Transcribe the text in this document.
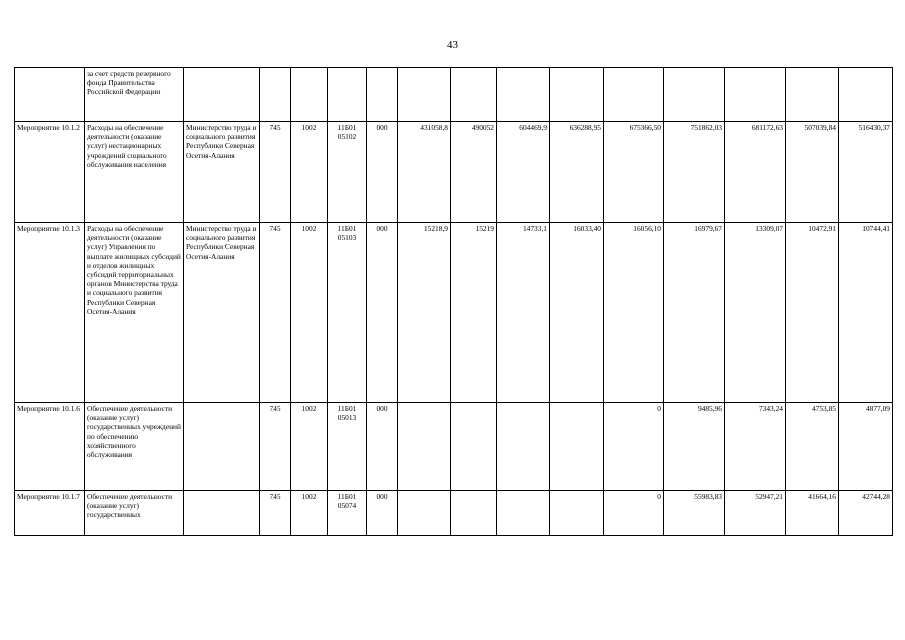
43
	за счет средств резервного фонда Правительства Российской Федерации														
Мероприятие 10.1.2	Расходы на обеспечение деятельности (оказание услуг) нестационарных учреждений социального обслуживания населения	Министерство труда и социального развития Республики Северная Осетия-Алания	745	1002	11Б01 05102	000	431058,8	490052	604469,9	636288,95	675366,50	751862,03	681172,63	507039,84	516430,37
Мероприятие 10.1.3	Расходы на обеспечение деятельности (оказание услуг) Управления по выплате жилищных субсидий и отделов жилищных субсидий территориальных органов Министерства труда и социального развития Республики Северная Осетия-Алания	Министерство труда и социального развития Республики Северная Осетия-Алания	745	1002	11Б01 05103	000	15218,9	15219	14733,1	16033,40	16056,10	16979,67	13309,07	10472,91	10744,41
Мероприятие 10.1.6	Обеспечение деятельности (оказание услуг) государственных учреждений по обеспечению хозяйственного обслуживания		745	1002	11Б01 05013	000					0	9485,96	7343,24	4753,85	4877,09
Мероприятие 10.1.7	Обеспечение деятельности (оказание услуг) государственных		745	1002	11Б01 05074	000					0	55983,83	52947,21	41664,16	42744,28
